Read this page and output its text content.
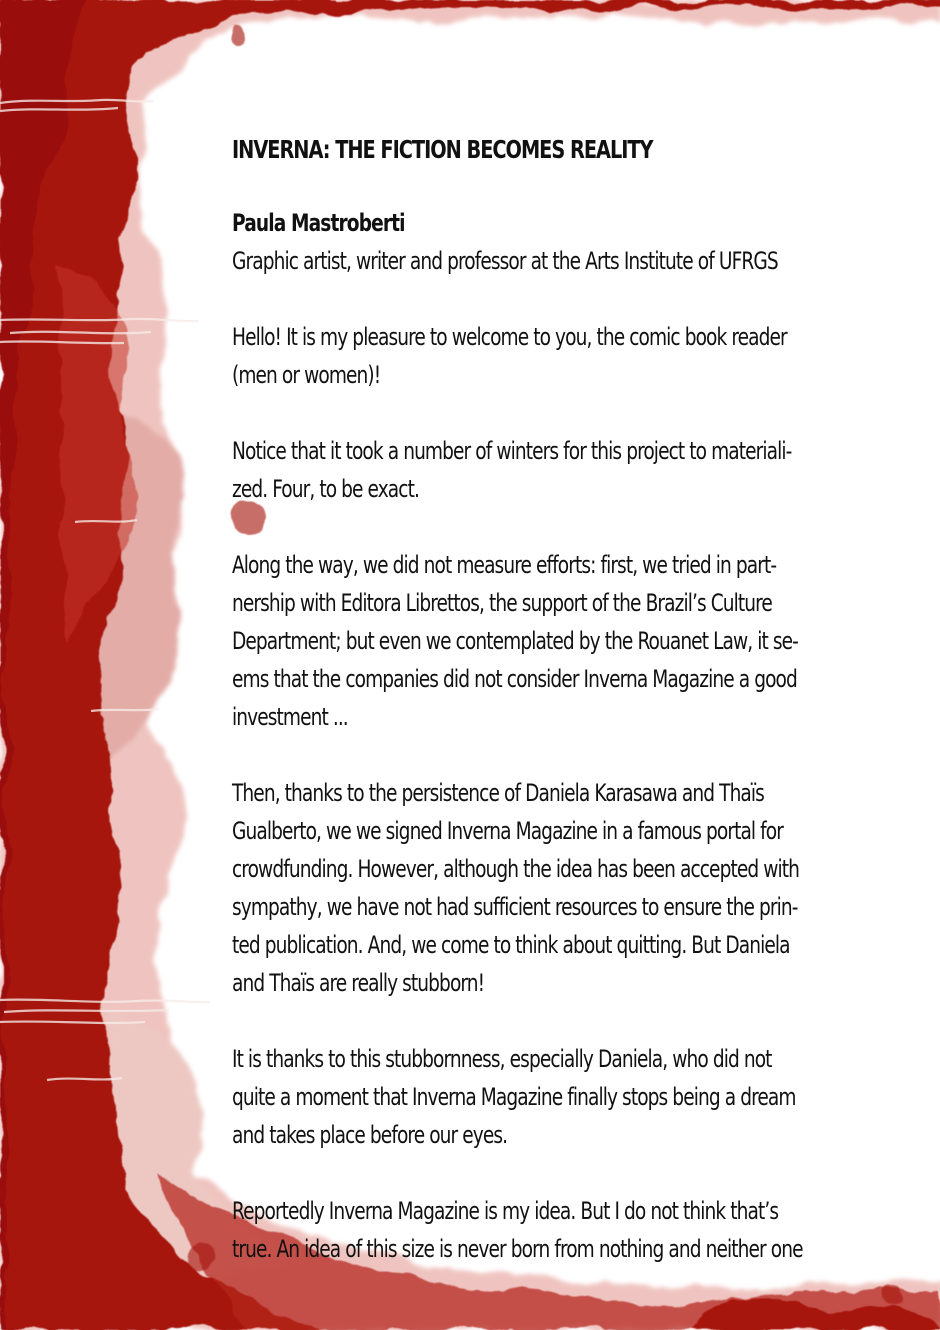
INVERNA: THE FICTION BECOMES REALITY
Paula Mastroberti
Graphic artist, writer and professor at the Arts Institute of UFRGS
Hello! It is my pleasure to welcome to you, the comic book reader
(men or women)!
Notice that it took a number of winters for this project to materiali-
zed. Four, to be exact.
Along the way, we did not measure efforts: first, we tried in part-
nership with Editora Librettos, the support of the Brazil’s Culture
Department; but even we contemplated by the Rouanet Law, it se-
ems that the companies did not consider Inverna Magazine a good
investment ...
Then, thanks to the persistence of Daniela Karasawa and Thaïs
Gualberto, we we signed Inverna Magazine in a famous portal for
crowdfunding. However, although the idea has been accepted with
sympathy, we have not had sufficient resources to ensure the prin-
ted publication. And, we come to think about quitting. But Daniela
and Thaïs are really stubborn!
It is thanks to this stubbornness, especially Daniela, who did not
quite a moment that Inverna Magazine finally stops being a dream
and takes place before our eyes.
Reportedly Inverna Magazine is my idea. But I do not think that’s
true. An idea of this size is never born from nothing and neither one
